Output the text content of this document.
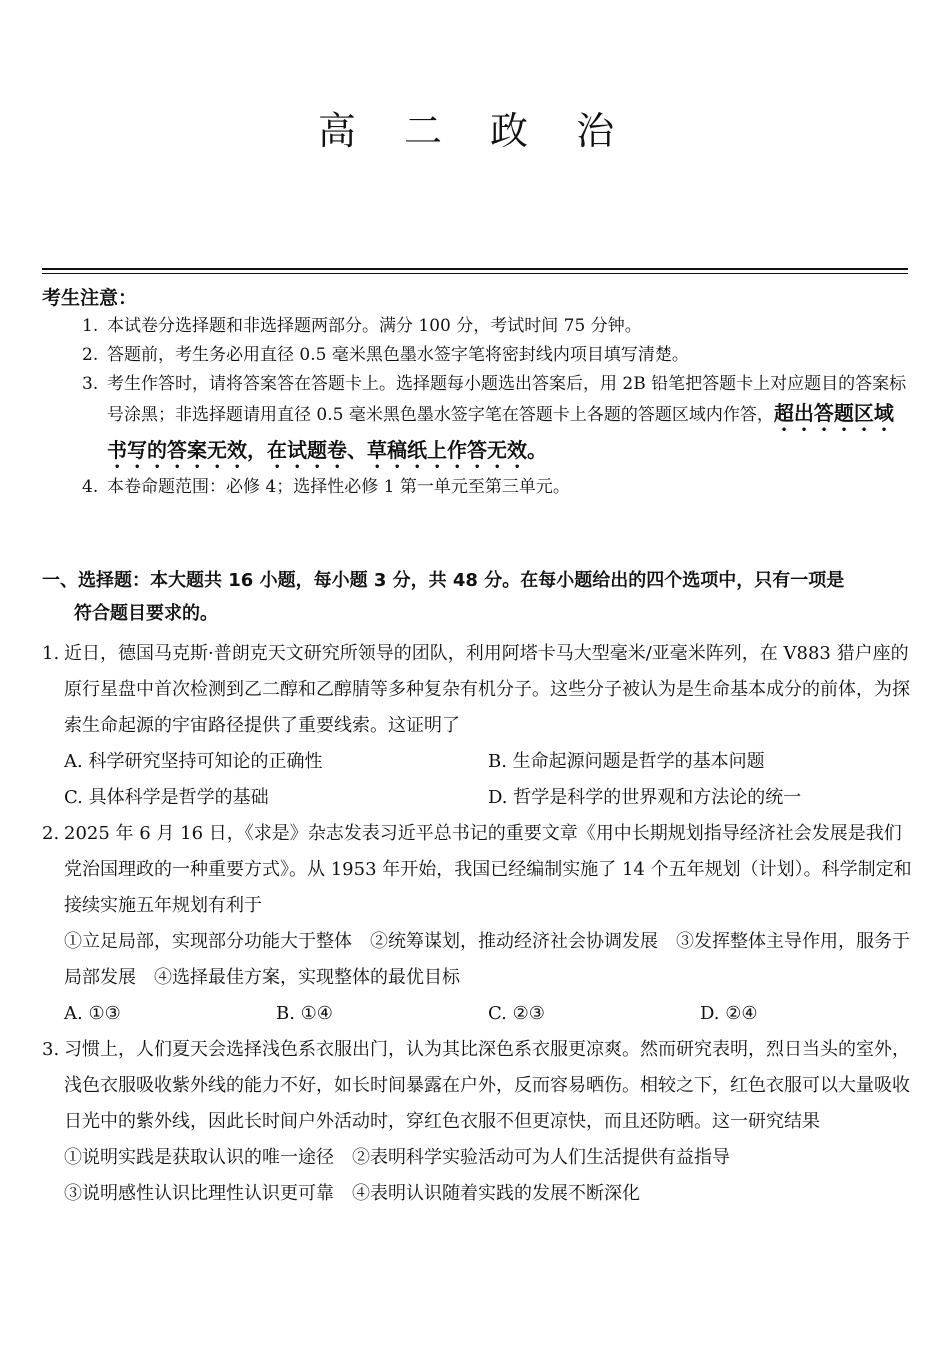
高 二 政 治
考生注意：
1. 本试卷分选择题和非选择题两部分。满分 100 分，考试时间 75 分钟。
2. 答题前，考生务必用直径 0.5 毫米黑色墨水签字笔将密封线内项目填写清楚。
3. 考生作答时，请将答案答在答题卡上。选择题每小题选出答案后，用 2B 铅笔把答题卡上对应题目的答案标号涂黑；非选择题请用直径 0.5 毫米黑色墨水签字笔在答题卡上各题的答题区域内作答，超出答题区域书写的答案无效，在试题卷、草稿纸上作答无效。
4. 本卷命题范围：必修 4；选择性必修 1 第一单元至第三单元。
一、选择题：本大题共 16 小题，每小题 3 分，共 48 分。在每小题给出的四个选项中，只有一项是
符合题目要求的。
1. 近日，德国马克斯·普朗克天文研究所领导的团队，利用阿塔卡马大型毫米/亚毫米阵列，在 V883 猎户座的原行星盘中首次检测到乙二醇和乙醇腈等多种复杂有机分子。这些分子被认为是生命基本成分的前体，为探索生命起源的宇宙路径提供了重要线索。这证明了
A. 科学研究坚持可知论的正确性	B. 生命起源问题是哲学的基本问题
C. 具体科学是哲学的基础	D. 哲学是科学的世界观和方法论的统一
2. 2025 年 6 月 16 日，《求是》杂志发表习近平总书记的重要文章《用中长期规划指导经济社会发展是我们党治国理政的一种重要方式》。从 1953 年开始，我国已经编制实施了 14 个五年规划（计划）。科学制定和接续实施五年规划有利于
①立足局部，实现部分功能大于整体　②统筹谋划，推动经济社会协调发展　③发挥整体主导作用，服务于局部发展　④选择最佳方案，实现整体的最优目标
A. ①③	B. ①④	C. ②③	D. ②④
3. 习惯上，人们夏天会选择浅色系衣服出门，认为其比深色系衣服更凉爽。然而研究表明，烈日当头的室外，浅色衣服吸收紫外线的能力不好，如长时间暴露在户外，反而容易晒伤。相较之下，红色衣服可以大量吸收日光中的紫外线，因此长时间户外活动时，穿红色衣服不但更凉快，而且还防晒。这一研究结果
①说明实践是获取认识的唯一途径　②表明科学实验活动可为人们生活提供有益指导
③说明感性认识比理性认识更可靠　④表明认识随着实践的发展不断深化
